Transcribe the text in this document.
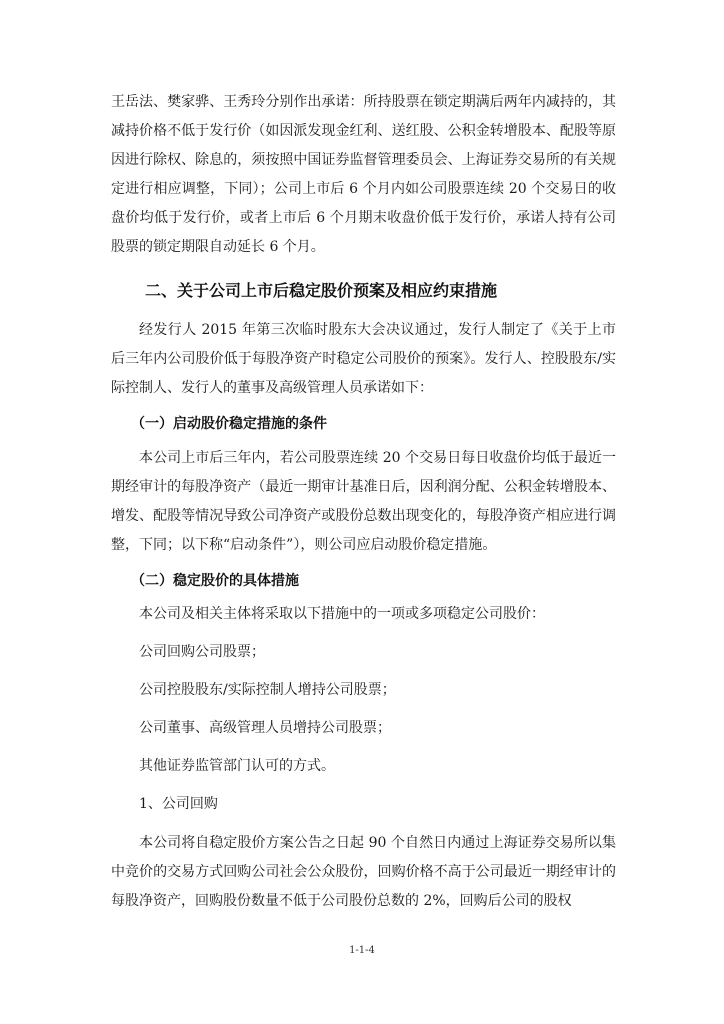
王岳法、樊家骅、王秀玲分别作出承诺：所持股票在锁定期满后两年内减持的，其减持价格不低于发行价（如因派发现金红利、送红股、公积金转增股本、配股等原因进行除权、除息的，须按照中国证券监督管理委员会、上海证券交易所的有关规定进行相应调整，下同）；公司上市后 6 个月内如公司股票连续 20 个交易日的收盘价均低于发行价，或者上市后 6 个月期末收盘价低于发行价，承诺人持有公司股票的锁定期限自动延长 6 个月。

二、关于公司上市后稳定股价预案及相应约束措施

经发行人 2015 年第三次临时股东大会决议通过，发行人制定了《关于上市后三年内公司股价低于每股净资产时稳定公司股价的预案》。发行人、控股股东/实际控制人、发行人的董事及高级管理人员承诺如下：

（一）启动股价稳定措施的条件

本公司上市后三年内，若公司股票连续 20 个交易日每日收盘价均低于最近一期经审计的每股净资产（最近一期审计基准日后，因利润分配、公积金转增股本、增发、配股等情况导致公司净资产或股份总数出现变化的，每股净资产相应进行调整，下同；以下称“启动条件”），则公司应启动股价稳定措施。

（二）稳定股价的具体措施

本公司及相关主体将采取以下措施中的一项或多项稳定公司股价：

公司回购公司股票；

公司控股股东/实际控制人增持公司股票；

公司董事、高级管理人员增持公司股票；

其他证券监管部门认可的方式。

1、公司回购

本公司将自稳定股价方案公告之日起 90 个自然日内通过上海证券交易所以集中竞价的交易方式回购公司社会公众股份，回购价格不高于公司最近一期经审计的每股净资产，回购股份数量不低于公司股份总数的 2%，回购后公司的股权

1-1-4
